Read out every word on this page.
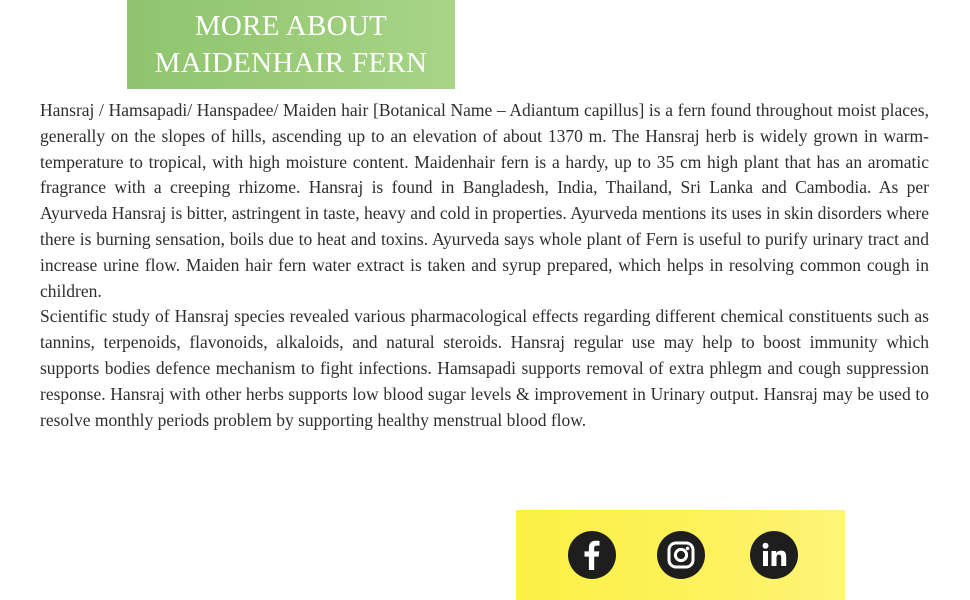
MORE ABOUT
MAIDENHAIR FERN

Hansraj / Hamsapadi/ Hanspadee/ Maiden hair [Botanical Name – Adiantum capillus] is a fern found throughout moist places, generally on the slopes of hills, ascending up to an elevation of about 1370 m. The Hansraj herb is widely grown in warm-temperature to tropical, with high moisture content. Maidenhair fern is a hardy, up to 35 cm high plant that has an aromatic fragrance with a creeping rhizome. Hansraj is found in Bangladesh, India, Thailand, Sri Lanka and Cambodia. As per Ayurveda Hansraj is bitter, astringent in taste, heavy and cold in properties. Ayurveda mentions its uses in skin disorders where there is burning sensation, boils due to heat and toxins. Ayurveda says whole plant of Fern is useful to purify urinary tract and increase urine flow. Maiden hair fern water extract is taken and syrup prepared, which helps in resolving common cough in children.

Scientific study of Hansraj species revealed various pharmacological effects regarding different chemical constituents such as tannins, terpenoids, flavonoids, alkaloids, and natural steroids. Hansraj regular use may help to boost immunity which supports bodies defence mechanism to fight infections. Hamsapadi supports removal of extra phlegm and cough suppression response. Hansraj with other herbs supports low blood sugar levels & improvement in Urinary output. Hansraj may be used to resolve monthly periods problem by supporting healthy menstrual blood flow.
